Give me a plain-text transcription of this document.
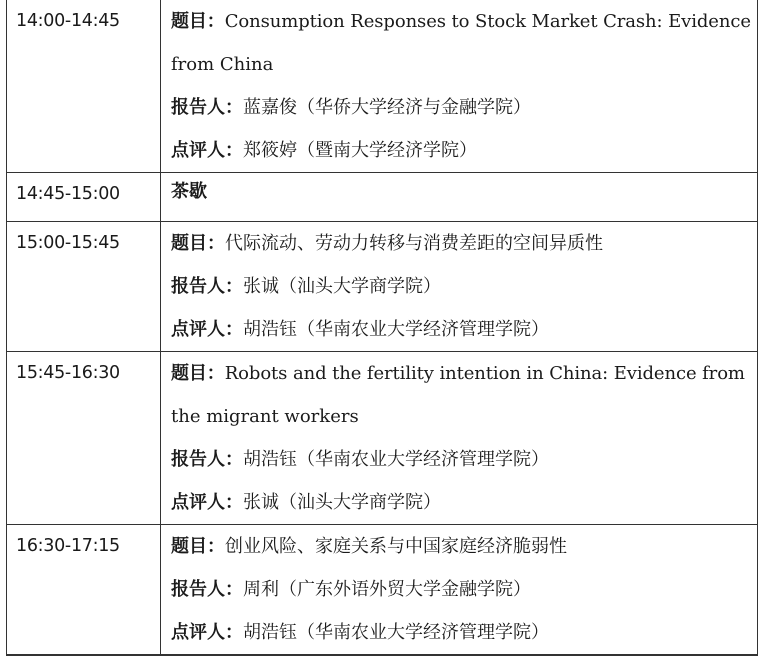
14:00-14:45	题目：Consumption Responses to Stock Market Crash: Evidence
from China
报告人：蓝嘉俊（华侨大学经济与金融学院）
点评人：郑筱婷（暨南大学经济学院）

14:45-15:00	茶歇

15:00-15:45	题目：代际流动、劳动力转移与消费差距的空间异质性
报告人：张诚（汕头大学商学院）
点评人：胡浩钰（华南农业大学经济管理学院）

15:45-16:30	题目：Robots and the fertility intention in China: Evidence from
the migrant workers
报告人：胡浩钰（华南农业大学经济管理学院）
点评人：张诚（汕头大学商学院）

16:30-17:15	题目：创业风险、家庭关系与中国家庭经济脆弱性
报告人：周利（广东外语外贸大学金融学院）
点评人：胡浩钰（华南农业大学经济管理学院）
